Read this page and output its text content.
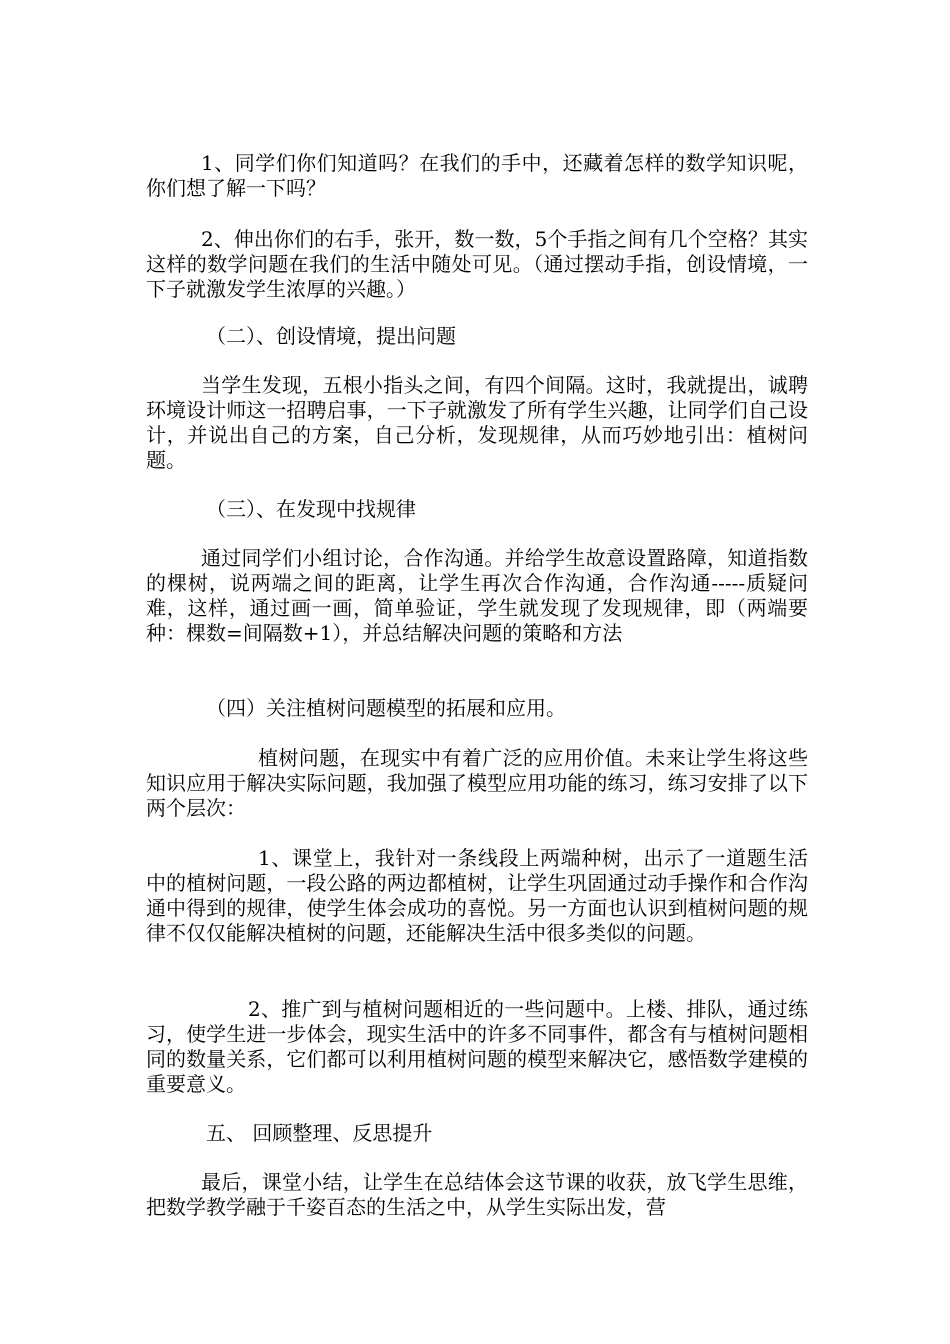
1、同学们你们知道吗？在我们的手中，还藏着怎样的数学知识呢，你们想了解一下吗？

2、伸出你们的右手，张开，数一数，5个手指之间有几个空格？其实这样的数学问题在我们的生活中随处可见。（通过摆动手指，创设情境，一下子就激发学生浓厚的兴趣。）

（二）、创设情境，提出问题

当学生发现，五根小指头之间，有四个间隔。这时，我就提出，诚聘环境设计师这一招聘启事，一下子就激发了所有学生兴趣，让同学们自己设计，并说出自己的方案，自己分析，发现规律，从而巧妙地引出：植树问题。

（三）、在发现中找规律

通过同学们小组讨论，合作沟通。并给学生故意设置路障，知道指数的棵树，说两端之间的距离，让学生再次合作沟通，合作沟通-----质疑问难，这样，通过画一画，简单验证，学生就发现了发现规律，即（两端要种：棵数=间隔数+1），并总结解决问题的策略和方法

（四）关注植树问题模型的拓展和应用。

植树问题，在现实中有着广泛的应用价值。未来让学生将这些知识应用于解决实际问题，我加强了模型应用功能的练习，练习安排了以下两个层次：

1、课堂上，我针对一条线段上两端种树，出示了一道题生活中的植树问题，一段公路的两边都植树，让学生巩固通过动手操作和合作沟通中得到的规律，使学生体会成功的喜悦。另一方面也认识到植树问题的规律不仅仅能解决植树的问题，还能解决生活中很多类似的问题。

2、推广到与植树问题相近的一些问题中。上楼、排队，通过练习，使学生进一步体会，现实生活中的许多不同事件，都含有与植树问题相同的数量关系，它们都可以利用植树问题的模型来解决它，感悟数学建模的重要意义。

五、 回顾整理、反思提升

最后，课堂小结，让学生在总结体会这节课的收获，放飞学生思维，把数学教学融于千姿百态的生活之中，从学生实际出发，营
